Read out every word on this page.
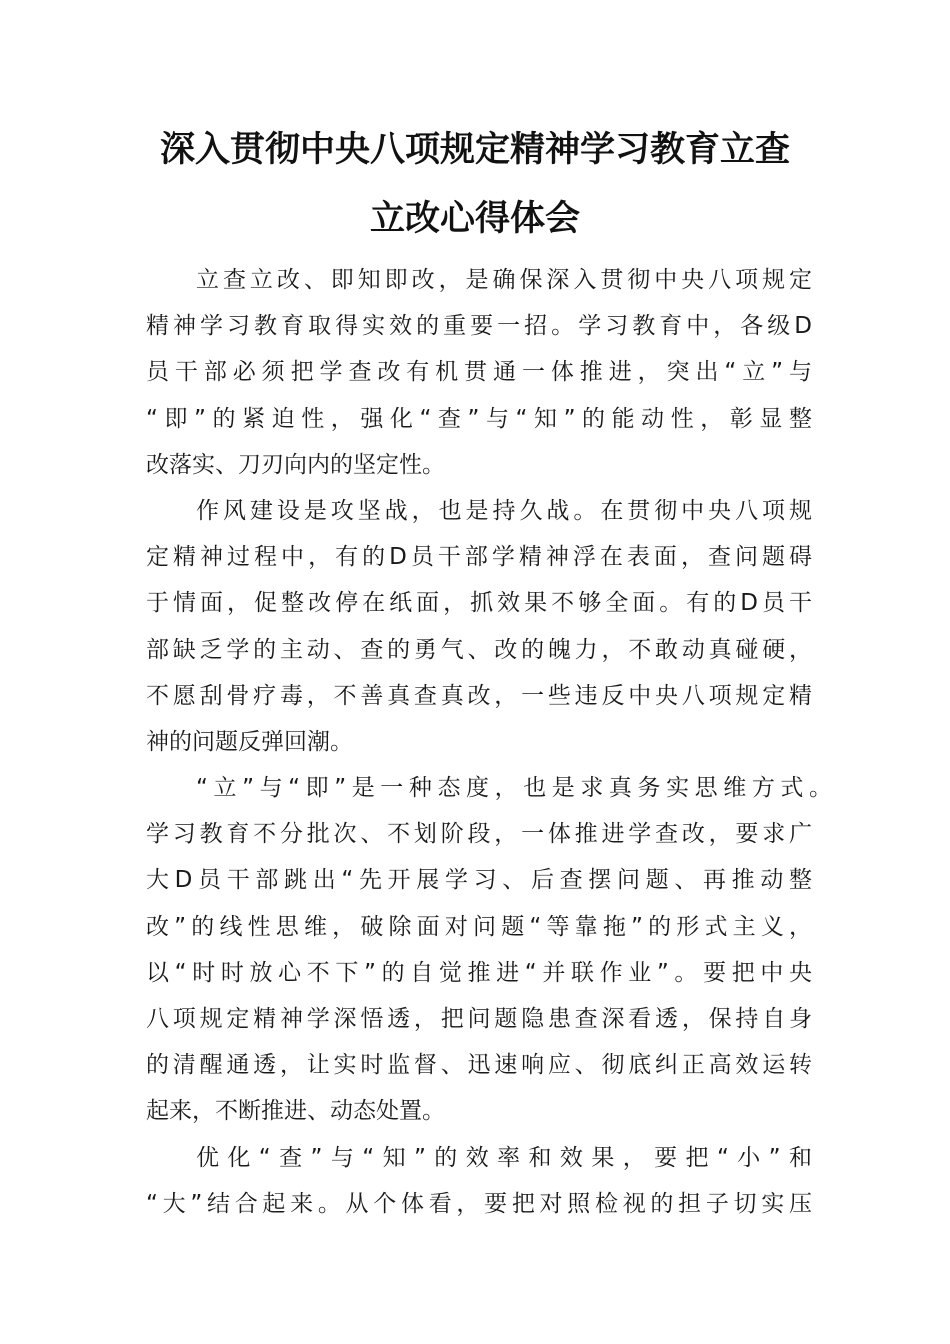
深入贯彻中央八项规定精神学习教育立查
立改心得体会
立查立改、即知即改，是确保深入贯彻中央八项规定
精神学习教育取得实效的重要一招。学习教育中，各级D
员干部必须把学查改有机贯通一体推进，突出“立”与
“即”的紧迫性，强化“查”与“知”的能动性，彰显整
改落实、刀刃向内的坚定性。
作风建设是攻坚战，也是持久战。在贯彻中央八项规
定精神过程中，有的D员干部学精神浮在表面，查问题碍
于情面，促整改停在纸面，抓效果不够全面。有的D员干
部缺乏学的主动、查的勇气、改的魄力，不敢动真碰硬，
不愿刮骨疗毒，不善真查真改，一些违反中央八项规定精
神的问题反弹回潮。
“立”与“即”是一种态度，也是求真务实思维方式。
学习教育不分批次、不划阶段，一体推进学查改，要求广
大D员干部跳出“先开展学习、后查摆问题、再推动整
改”的线性思维，破除面对问题“等靠拖”的形式主义，
以“时时放心不下”的自觉推进“并联作业”。要把中央
八项规定精神学深悟透，把问题隐患查深看透，保持自身
的清醒通透，让实时监督、迅速响应、彻底纠正高效运转
起来，不断推进、动态处置。
优化“查”与“知”的效率和效果，要把“小”和
“大”结合起来。从个体看，要把对照检视的担子切实压
